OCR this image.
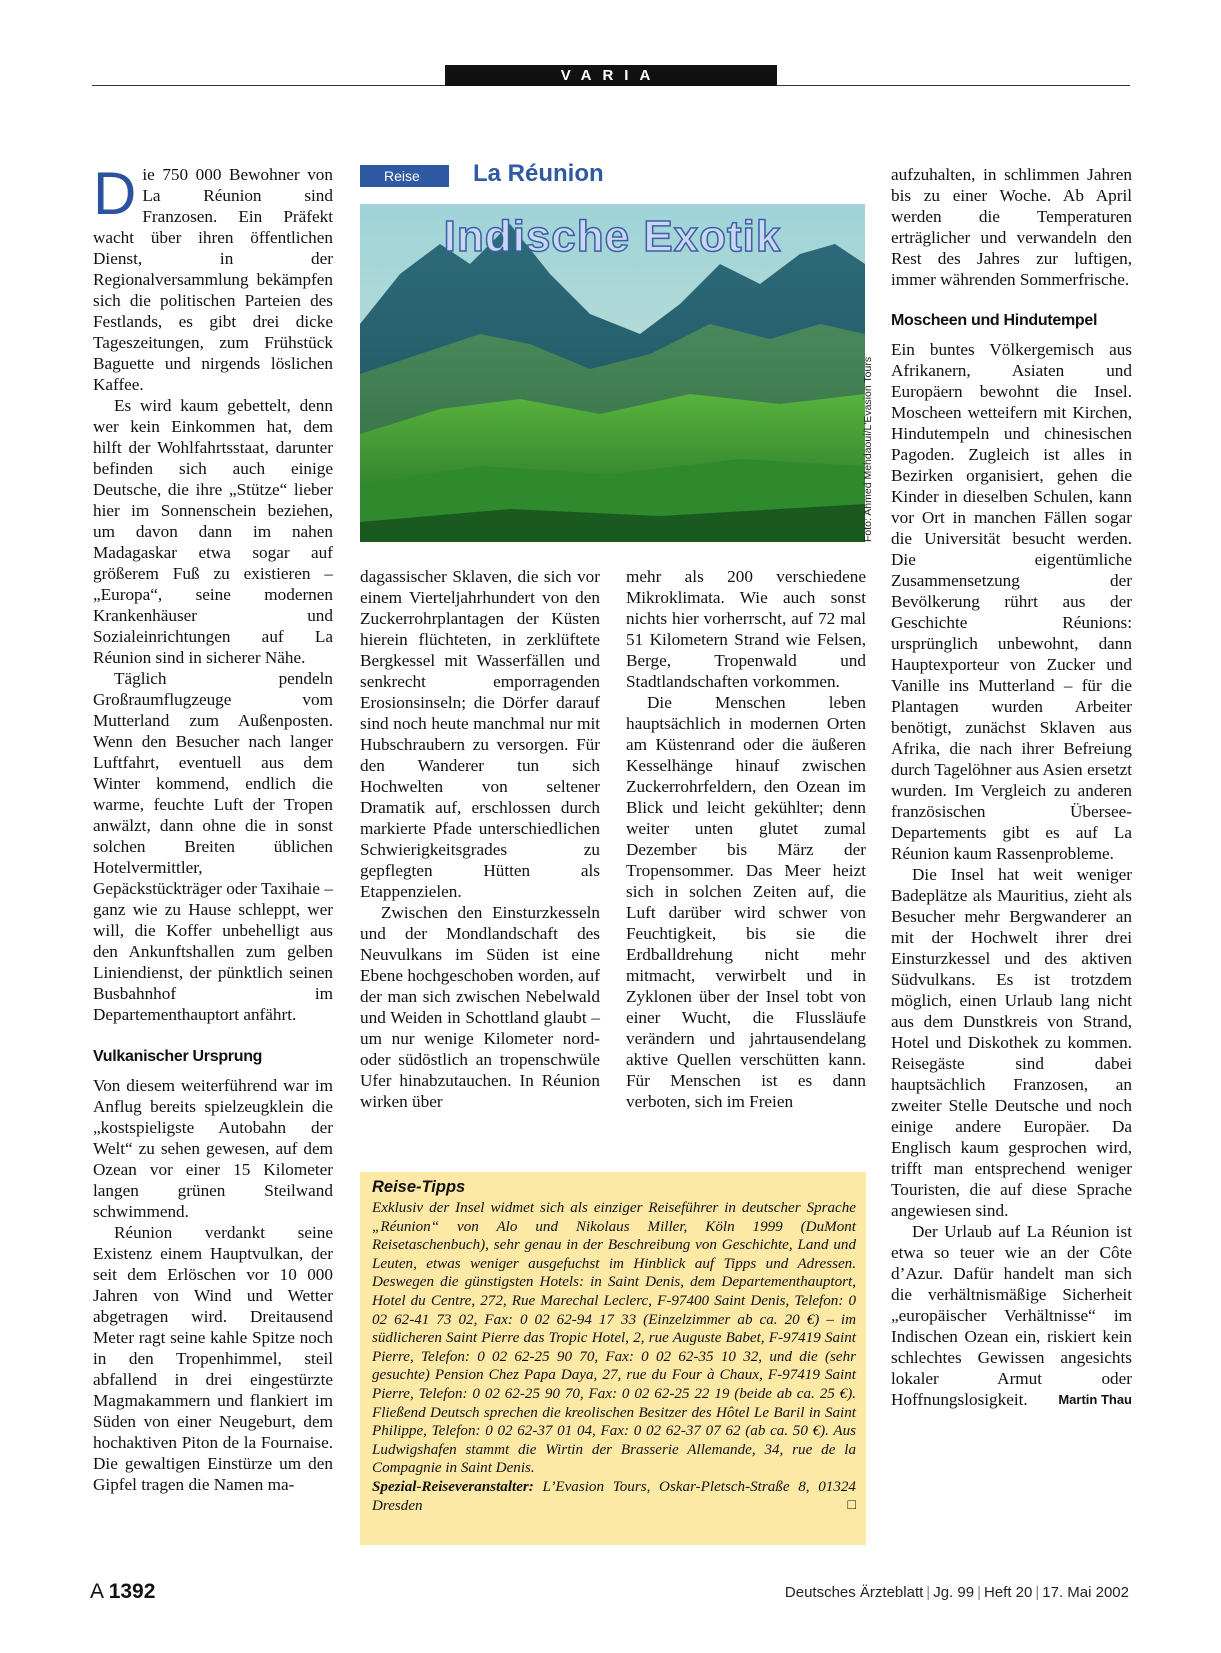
VARIA

Die 750 000 Bewohner von La Réunion sind Franzosen. Ein Präfekt wacht über ihren öffentlichen Dienst, in der Regionalversammlung bekämpfen sich die politischen Parteien des Festlands, es gibt drei dicke Tageszeitungen, zum Frühstück Baguette und nirgends löslichen Kaffee.

Es wird kaum gebettelt, denn wer kein Einkommen hat, dem hilft der Wohlfahrtsstaat, darunter befinden sich auch einige Deutsche, die ihre „Stütze“ lieber hier im Sonnenschein beziehen, um davon dann im nahen Madagaskar etwa sogar auf größerem Fuß zu existieren – „Europa“, seine modernen Krankenhäuser und Sozialeinrichtungen auf La Réunion sind in sicherer Nähe.

Täglich pendeln Großraumflugzeuge vom Mutterland zum Außenposten. Wenn den Besucher nach langer Luftfahrt, eventuell aus dem Winter kommend, endlich die warme, feuchte Luft der Tropen anwälzt, dann ohne die in sonst solchen Breiten üblichen Hotelvermittler, Gepäckstückträger oder Taxihaie – ganz wie zu Hause schleppt, wer will, die Koffer unbehelligt aus den Ankunftshallen zum gelben Liniendienst, der pünktlich seinen Busbahnhof im Departementhauptort anfährt.

Vulkanischer Ursprung

Von diesem weiterführend war im Anflug bereits spielzeugklein die „kostspieligste Autobahn der Welt“ zu sehen gewesen, auf dem Ozean vor einer 15 Kilometer langen grünen Steilwand schwimmend.

Réunion verdankt seine Existenz einem Hauptvulkan, der seit dem Erlöschen vor 10 000 Jahren von Wind und Wetter abgetragen wird. Dreitausend Meter ragt seine kahle Spitze noch in den Tropenhimmel, steil abfallend in drei eingestürzte Magmakammern und flankiert im Süden von einer Neugeburt, dem hochaktiven Piton de la Fournaise. Die gewaltigen Einstürze um den Gipfel tragen die Namen ma-

Reise	La Réunion
Indische Exotik
Foto: Ahmed Mehdaoui/L'Evasion Tours

dagassischer Sklaven, die sich vor einem Vierteljahrhundert von den Zuckerrohrplantagen der Küsten hierein flüchteten, in zerklüftete Bergkessel mit Wasserfällen und senkrecht emporragenden Erosionsinseln; die Dörfer darauf sind noch heute manchmal nur mit Hubschraubern zu versorgen. Für den Wanderer tun sich Hochwelten von seltener Dramatik auf, erschlossen durch markierte Pfade unterschiedlichen Schwierigkeitsgrades zu gepflegten Hütten als Etappenzielen.

Zwischen den Einsturzkesseln und der Mondlandschaft des Neuvulkans im Süden ist eine Ebene hochgeschoben worden, auf der man sich zwischen Nebelwald und Weiden in Schottland glaubt – um nur wenige Kilometer nord- oder südöstlich an tropenschwüle Ufer hinabzutauchen. In Réunion wirken über

mehr als 200 verschiedene Mikroklimata. Wie auch sonst nichts hier vorherrscht, auf 72 mal 51 Kilometern Strand wie Felsen, Berge, Tropenwald und Stadtlandschaften vorkommen.

Die Menschen leben hauptsächlich in modernen Orten am Küstenrand oder die äußeren Kesselhänge hinauf zwischen Zuckerrohrfeldern, den Ozean im Blick und leicht gekühlter; denn weiter unten glutet zumal Dezember bis März der Tropensommer. Das Meer heizt sich in solchen Zeiten auf, die Luft darüber wird schwer von Feuchtigkeit, bis sie die Erdballdrehung nicht mehr mitmacht, verwirbelt und in Zyklonen über der Insel tobt von einer Wucht, die Flussläufe verändern und jahrtausendelang aktive Quellen verschütten kann. Für Menschen ist es dann verboten, sich im Freien

aufzuhalten, in schlimmen Jahren bis zu einer Woche. Ab April werden die Temperaturen erträglicher und verwandeln den Rest des Jahres zur luftigen, immer währenden Sommerfrische.

Moscheen und Hindutempel

Ein buntes Völkergemisch aus Afrikanern, Asiaten und Europäern bewohnt die Insel. Moscheen wetteifern mit Kirchen, Hindutempeln und chinesischen Pagoden. Zugleich ist alles in Bezirken organisiert, gehen die Kinder in dieselben Schulen, kann vor Ort in manchen Fällen sogar die Universität besucht werden. Die eigentümliche Zusammensetzung der Bevölkerung rührt aus der Geschichte Réunions: ursprünglich unbewohnt, dann Hauptexporteur von Zucker und Vanille ins Mutterland – für die Plantagen wurden Arbeiter benötigt, zunächst Sklaven aus Afrika, die nach ihrer Befreiung durch Tagelöhner aus Asien ersetzt wurden. Im Vergleich zu anderen französischen Übersee-Departements gibt es auf La Réunion kaum Rassenprobleme.

Die Insel hat weit weniger Badeplätze als Mauritius, zieht als Besucher mehr Bergwanderer an mit der Hochwelt ihrer drei Einsturzkessel und des aktiven Südvulkans. Es ist trotzdem möglich, einen Urlaub lang nicht aus dem Dunstkreis von Strand, Hotel und Diskothek zu kommen. Reisegäste sind dabei hauptsächlich Franzosen, an zweiter Stelle Deutsche und noch einige andere Europäer. Da Englisch kaum gesprochen wird, trifft man entsprechend weniger Touristen, die auf diese Sprache angewiesen sind.

Der Urlaub auf La Réunion ist etwa so teuer wie an der Côte d’Azur. Dafür handelt man sich die verhältnismäßige Sicherheit „europäischer Verhältnisse“ im Indischen Ozean ein, riskiert kein schlechtes Gewissen angesichts lokaler Armut oder Hoffnungslosigkeit.	Martin Thau

Reise-Tipps

Exklusiv der Insel widmet sich als einziger Reiseführer in deutscher Sprache „Réunion“ von Alo und Nikolaus Miller, Köln 1999 (DuMont Reisetaschenbuch), sehr genau in der Beschreibung von Geschichte, Land und Leuten, etwas weniger ausgefuchst im Hinblick auf Tipps und Adressen. Deswegen die günstigsten Hotels: in Saint Denis, dem Departementhauptort, Hotel du Centre, 272, Rue Marechal Leclerc, F-97400 Saint Denis, Telefon: 0 02 62-41 73 02, Fax: 0 02 62-94 17 33 (Einzelzimmer ab ca. 20 €) – im südlicheren Saint Pierre das Tropic Hotel, 2, rue Auguste Babet, F-97419 Saint Pierre, Telefon: 0 02 62-25 90 70, Fax: 0 02 62-35 10 32, und die (sehr gesuchte) Pension Chez Papa Daya, 27, rue du Four à Chaux, F-97419 Saint Pierre, Telefon: 0 02 62-25 90 70, Fax: 0 02 62-25 22 19 (beide ab ca. 25 €). Fließend Deutsch sprechen die kreolischen Besitzer des Hôtel Le Baril in Saint Philippe, Telefon: 0 02 62-37 01 04, Fax: 0 02 62-37 07 62 (ab ca. 50 €). Aus Ludwigshafen stammt die Wirtin der Brasserie Allemande, 34, rue de la Compagnie in Saint Denis.

Spezial-Reiseveranstalter: L’Evasion Tours, Oskar-Pletsch-Straße 8, 01324 Dresden	□

A 1392	Deutsches Ärzteblatt | Jg. 99 | Heft 20 | 17. Mai 2002
